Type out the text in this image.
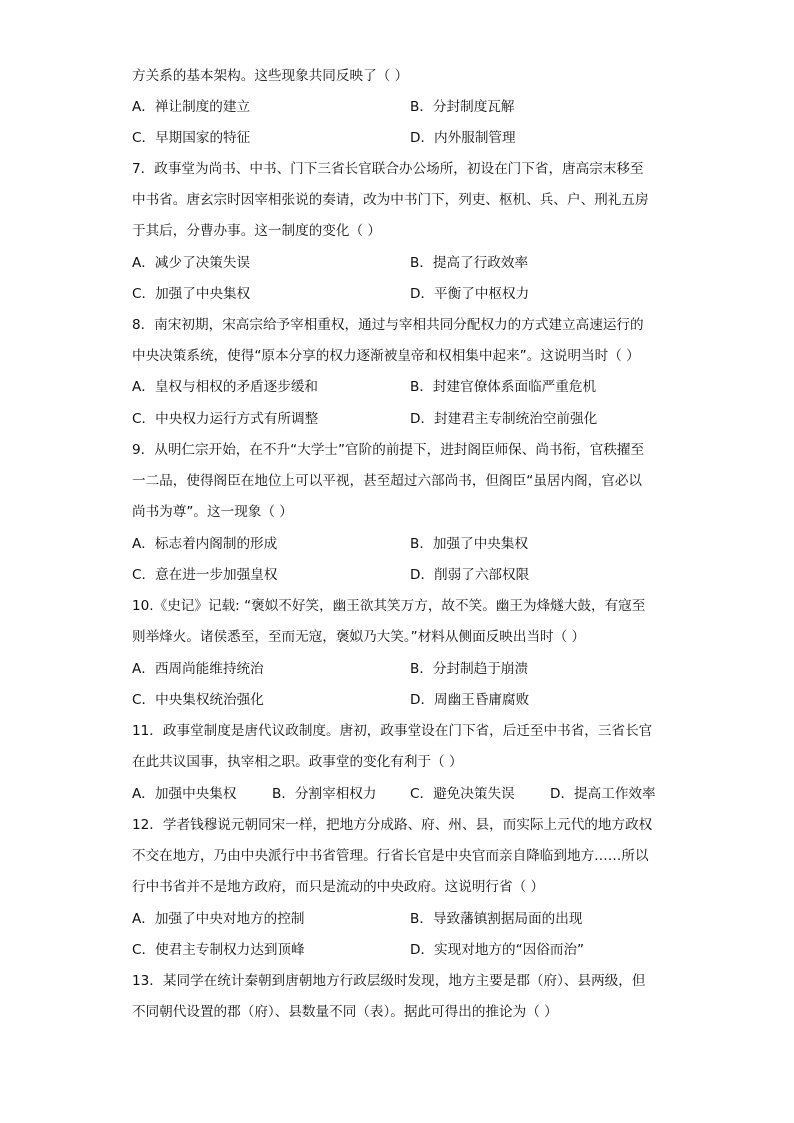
方关系的基本架构。这些现象共同反映了（ ）
A．禅让制度的建立	B．分封制度瓦解
C．早期国家的特征	D．内外服制管理
7．政事堂为尚书、中书、门下三省长官联合办公场所，初设在门下省，唐高宗末移至
中书省。唐玄宗时因宰相张说的奏请，改为中书门下，列吏、枢机、兵、户、刑礼五房
于其后，分曹办事。这一制度的变化（ ）
A．减少了决策失误	B．提高了行政效率
C．加强了中央集权	D．平衡了中枢权力
8．南宋初期，宋高宗给予宰相重权，通过与宰相共同分配权力的方式建立高速运行的
中央决策系统，使得“原本分享的权力逐渐被皇帝和权相集中起来”。这说明当时（ ）
A．皇权与相权的矛盾逐步缓和	B．封建官僚体系面临严重危机
C．中央权力运行方式有所调整	D．封建君主专制统治空前强化
9．从明仁宗开始，在不升“大学士”官阶的前提下，进封阁臣师保、尚书衔，官秩擢至
一二品，使得阁臣在地位上可以平视，甚至超过六部尚书，但阁臣“虽居内阁，官必以
尚书为尊”。这一现象（ ）
A．标志着内阁制的形成	B．加强了中央集权
C．意在进一步加强皇权	D．削弱了六部权限
10.《史记》记载: “褒姒不好笑，幽王欲其笑万方，故不笑。幽王为烽燧大鼓，有寇至
则举烽火。诸侯悉至，至而无寇，褒姒乃大笑。”材料从侧面反映出当时（ ）
A．西周尚能维持统治	B．分封制趋于崩溃
C．中央集权统治强化	D．周幽王昏庸腐败
11．政事堂制度是唐代议政制度。唐初，政事堂设在门下省，后迁至中书省，三省长官
在此共议国事，执宰相之职。政事堂的变化有利于（ ）
A．加强中央集权	B．分割宰相权力 C．避免决策失误	D．提高工作效率
12．学者钱穆说元朝同宋一样，把地方分成路、府、州、县，而实际上元代的地方政权
不交在地方，乃由中央派行中书省管理。行省长官是中央官而亲自降临到地方……所以
行中书省并不是地方政府，而只是流动的中央政府。这说明行省（ ）
A．加强了中央对地方的控制	B．导致藩镇割据局面的出现
C．使君主专制权力达到顶峰	D．实现对地方的“因俗而治”
13．某同学在统计秦朝到唐朝地方行政层级时发现，地方主要是郡（府）、县两级，但
不同朝代设置的郡（府）、县数量不同（表）。据此可得出的推论为（ ）
